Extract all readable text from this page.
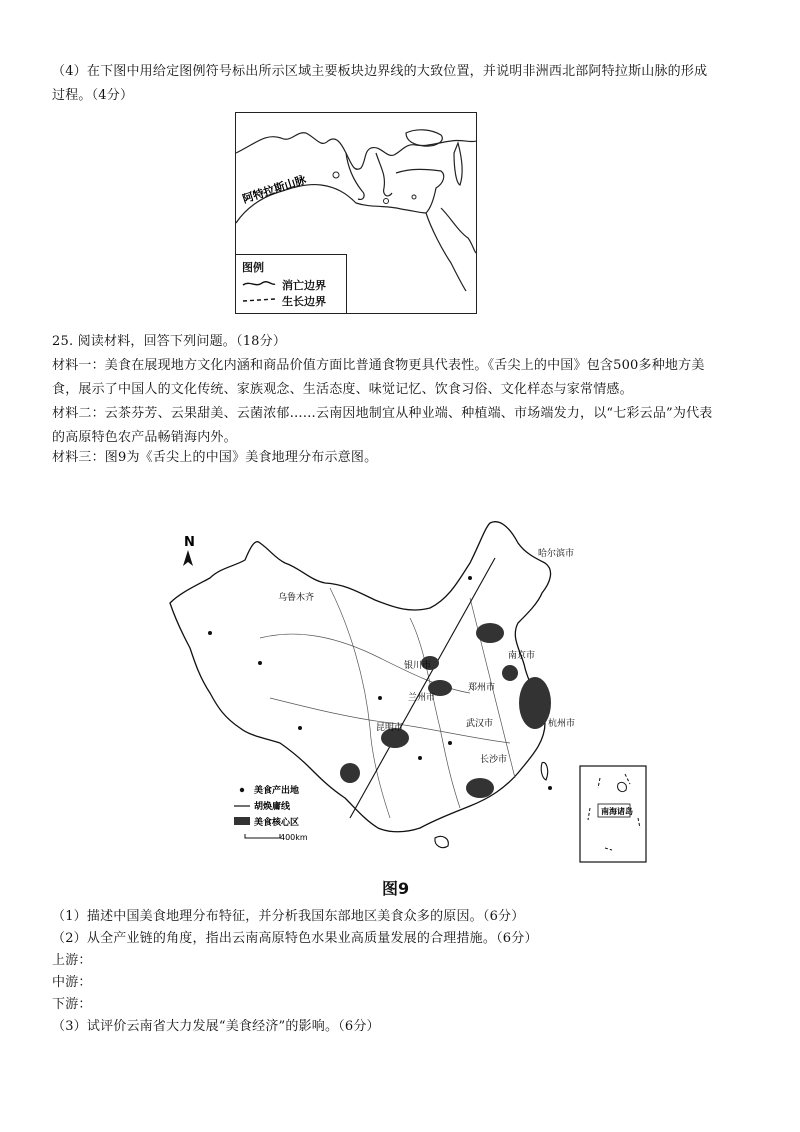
（4）在下图中用给定图例符号标出所示区域主要板块边界线的大致位置，并说明非洲西北部阿特拉斯山脉的形成
过程。（4分）
阿特拉斯山脉
图例
消亡边界
生长边界
25. 阅读材料，回答下列问题。（18分）
材料一：美食在展现地方文化内涵和商品价值方面比普通食物更具代表性。《舌尖上的中国》包含500多种地方美
食，展示了中国人的文化传统、家族观念、生活态度、味觉记忆、饮食习俗、文化样态与家常情感。
材料二：云茶芬芳、云果甜美、云菌浓郁……云南因地制宜从种业端、种植端、市场端发力，以“七彩云品”为代表
的高原特色农产品畅销海内外。
材料三：图9为《舌尖上的中国》美食地理分布示意图。
N
哈尔滨市
杭州市
银川市
郑州市
乌鲁木齐
兰州市
武汉市
昆明市
南京市
长沙市
美食产出地
胡焕庸线
美食核心区
400km
南海诸岛
图9
（1）描述中国美食地理分布特征，并分析我国东部地区美食众多的原因。（6分）
（2）从全产业链的角度，指出云南高原特色水果业高质量发展的合理措施。（6分）
上游：
中游：
下游：
（3）试评价云南省大力发展“美食经济”的影响。（6分）
